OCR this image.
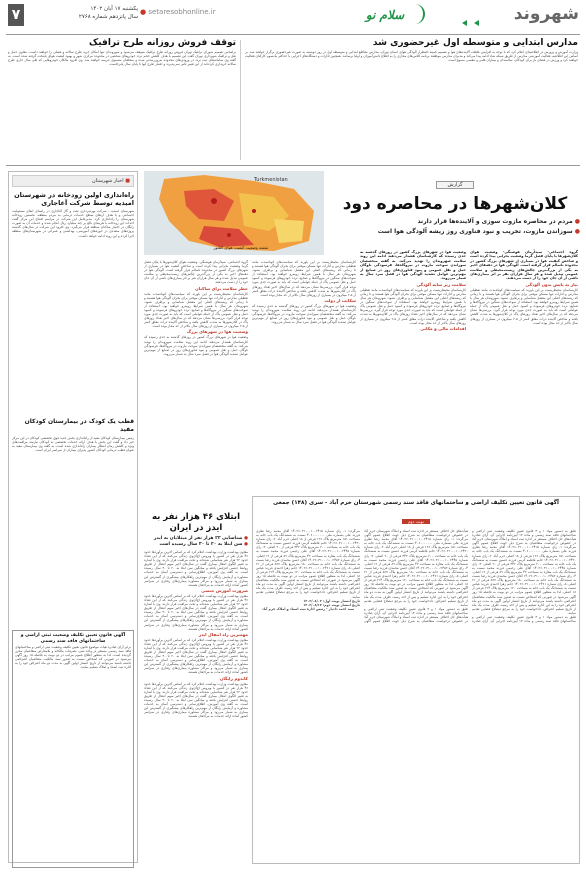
۷	یکشنبه ۱۷ آبان ۱۴۰۲
سال پانزدهم شماره ۲۷۶۸
● setaresobhonline.ir	سلام نو
	شهروند
توقف فروش روزانه طرح ترافیک
براساس تصمیم شورای ترافیک تهران فروش روزانه طرح ترافیک متوقف می‌شود و شهروندان تنها امکان خرید طرح سالانه و فصلی را خواهند داشت. معاون حمل و نقل و ترافیک شهرداری تهران گفت این تصمیم با هدف کاهش حجم تردد خودروهای شخصی در محدوده مرکزی شهر و بهبود کیفیت هوای پایتخت گرفته شده است. به گفته وی سامانه‌های ثبت تردد در ورودی‌های محدوده به‌روزرسانی شده و متخلفان مشمول جریمه خواهند شد. وی افزود مالکان خودروهایی که طی سال جاری طرح سالانه خریداری کرده‌اند از این تغییر تاثیر نمی‌پذیرند و اعتبار طرح آنها تا پایان سال پابرجاست.
مدارس ابتدایی و متوسطه اول غیرحضوری شد
وزارت آموزش و پرورش در اطلاعیه‌ای اعلام کرد که با توجه به افزایش غلظت آلاینده‌های هوا و تصمیم کمیته اضطرار آلودگی هوای استان تهران، مدارس مقاطع ابتدایی و متوسطه اول در روز دوشنبه به صورت غیرحضوری برگزار خواهند شد. بر اساس این اطلاعیه، فعالیت آموزشی مدارس از طریق شبکه شاد ادامه پیدا می‌کند و مدیران مدارس موظفند برنامه کلاس‌های مجازی را به اطلاع دانش‌آموزان و اولیا برسانند. همچنین ادارات و دستگاه‌های اجرایی با حداکثر یک‌سوم کارکنان فعالیت خواهند کرد و ورزش در فضای باز برای کودکان، سالمندان و بیماران قلبی و تنفسی ممنوع است.
■ اخبار شهرستان
راه‌اندازی اولین زودخانه در شهرستان امیدیه توسط شرکت آغاجاری
شهرستان امیدیه - شرکت بهره‌برداری نفت و گاز آغاجاری در راستای ایفای مسئولیت اجتماعی و با هدف ارتقای سطح خدمات درمانی به مردم منطقه، نخستین زودخانه شهرستان را راه‌اندازی کرد. مدیرعامل این شرکت در مراسم افتتاح این مرکز گفت احداث این زودخانه با هزینه‌ای بالغ بر چند میلیارد ریال انجام شده و خدمات آن به صورت رایگان در اختیار ساکنان منطقه قرار می‌گیرد. وی افزود این شرکت در سال‌های گذشته پروژه‌های متعددی در حوزه‌های آموزشی، بهداشتی و عمرانی در شهرستان‌های منطقه اجرا کرده و این روند ادامه خواهد داشت.
قطب‌ یک کودک در بیمارستان کودکان مفید
رئیس بیمارستان کودکان مفید از راه‌اندازی بخش جدید فوق تخصصی کودکان در این مرکز خبر داد و گفت این بخش با هدف ارائه خدمات تخصصی به کودکان نیازمند مراقبت‌های ویژه و کاهش زمان انتظار بیماران راه‌اندازی شده است. به گفته وی بیمارستان مفید به عنوان قطب درمانی کودکان کشور پذیرای بیماران از سراسر ایران است.
آگهی قانون تعیین تکلیف وضعیت ثبتی اراضی و ساختمانهای فاقد سند رسمی
برابر آرای صادره هیات موضوع قانون تعیین تکلیف وضعیت ثبتی اراضی و ساختمانهای فاقد سند رسمی مستقر در واحد ثبتی، تصرفات مالکانه و بلامعارض متقاضیان محرز گردیده است. لذا به منظور اطلاع عموم مراتب در دو نوبت به فاصله ۱۵ روز آگهی می‌شود در صورتی که اشخاص نسبت به صدور سند مالکیت متقاضیان اعتراضی داشته باشند می‌توانند از تاریخ انتشار اولین آگهی به مدت دو ماه اعتراض خود را به اداره ثبت اسناد و املاک تسلیم نمایند.
گزارش
کلان‌شهرها در محاصره دود
● مردم در محاصره مازوت سوزی و آلاینده‌ها قرار دارند
● سوزاندن مازوت، تخریب و نبود فناوری روز ریشه آلودگی هوا است
Turkmenistan
نقشه وضعیت کیفیت هوای کشور
گروه اجتماعی- سیدآرمان هوشنگی- وضعیت هوای کلان‌شهرها با پایان فصل گرما وضعیت بحرانی پیدا کرده است و شاخص کیفیت هوا در بسیاری از شهرهای بزرگ کشور در محدوده ناسالم قرار گرفته است. آلودگی هوا در دهه‌های اخیر به یکی از بزرگ‌ترین چالش‌های زیست‌محیطی و سلامت عمومی تبدیل شده و هر سال هزاران نفر بر اثر بیماری‌های ناشی از آن جان خود را از دست می‌دهند.
نیاز به پایش بدون آلودگی
کارشناسان محیط‌زیست بر این باورند که سیاست‌های کوتاه‌مدت مانند تعطیلی مدارس و ادارات تنها مسکن موقتی برای بحران آلودگی هوا هستند و تا زمانی که ریشه‌های اصلی این معضل شناسایی و برطرف نشود، شهروندان هر سال با همین شرایط روبه‌رو خواهند بود. استفاده از سوخت‌های سنگین در نیروگاه‌ها و صنایع، تردد خودروهای فرسوده و کمبود حمل و نقل عمومی پاک از جمله عواملی است که باید به صورت جدی مورد توجه قرار گیرد. بررسی‌ها نشان می‌دهد که در سال‌های اخیر تعداد روزهای پاک در کلان‌شهرها به شدت کاهش یافته و شاخص آلاینده ذرات معلق کمتر از ۲.۵ میکرون در بسیاری از روزهای سال بالاتر از حد مجاز بوده است.
وضعیت هوا در شهرهای بزرگ کشور در روزهای گذشته به حدی رسیده که کارشناسان هشدار می‌دهند ادامه این روند سلامت شهروندان را تهدید می‌کند. به گفته متخصصان سوزاندن سوخت مازوت در نیروگاه‌ها، فرسودگی ناوگان حمل و نقل عمومی و نبود فناوری‌های روز در صنایع از مهم‌ترین عوامل تشدید آلودگی هوا در فصل سرد سال به شمار می‌روند.
سلامت زیر سایه آلودگی
کارشناسان محیط‌زیست بر این باورند که سیاست‌های کوتاه‌مدت مانند تعطیلی مدارس و ادارات تنها مسکن موقتی برای بحران آلودگی هوا هستند و تا زمانی که ریشه‌های اصلی این معضل شناسایی و برطرف نشود، شهروندان هر سال با همین شرایط روبه‌رو خواهند بود. استفاده از سوخت‌های سنگین در نیروگاه‌ها و صنایع، تردد خودروهای فرسوده و کمبود حمل و نقل عمومی پاک از جمله عواملی است که باید به صورت جدی مورد توجه قرار گیرد. بررسی‌ها نشان می‌دهد که در سال‌های اخیر تعداد روزهای پاک در کلان‌شهرها به شدت کاهش یافته و شاخص آلاینده ذرات معلق کمتر از ۲.۵ میکرون در بسیاری از روزهای سال بالاتر از حد مجاز بوده است.
اقدامات مالی و مکانی
کارشناسان محیط‌زیست بر این باورند که سیاست‌های کوتاه‌مدت مانند تعطیلی مدارس و ادارات تنها مسکن موقتی برای بحران آلودگی هوا هستند و تا زمانی که ریشه‌های اصلی این معضل شناسایی و برطرف نشود، شهروندان هر سال با همین شرایط روبه‌رو خواهند بود. استفاده از سوخت‌های سنگین در نیروگاه‌ها و صنایع، تردد خودروهای فرسوده و کمبود حمل و نقل عمومی پاک از جمله عواملی است که باید به صورت جدی مورد توجه قرار گیرد. بررسی‌ها نشان می‌دهد که در سال‌های اخیر تعداد روزهای پاک در کلان‌شهرها به شدت کاهش یافته و شاخص آلاینده ذرات معلق کمتر از ۲.۵ میکرون در بسیاری از روزهای سال بالاتر از حد مجاز بوده است.
شکایت از دولت
وضعیت هوا در شهرهای بزرگ کشور در روزهای گذشته به حدی رسیده که کارشناسان هشدار می‌دهند ادامه این روند سلامت شهروندان را تهدید می‌کند. به گفته متخصصان سوزاندن سوخت مازوت در نیروگاه‌ها، فرسودگی ناوگان حمل و نقل عمومی و نبود فناوری‌های روز در صنایع از مهم‌ترین عوامل تشدید آلودگی هوا در فصل سرد سال به شمار می‌روند.
گروه اجتماعی- سیدآرمان هوشنگی- وضعیت هوای کلان‌شهرها با پایان فصل گرما وضعیت بحرانی پیدا کرده است و شاخص کیفیت هوا در بسیاری از شهرهای بزرگ کشور در محدوده ناسالم قرار گرفته است. آلودگی هوا در دهه‌های اخیر به یکی از بزرگ‌ترین چالش‌های زیست‌محیطی و سلامت عمومی تبدیل شده و هر سال هزاران نفر بر اثر بیماری‌های ناشی از آن جان خود را از دست می‌دهند.
خطر سلامت برای ساکنان
کارشناسان محیط‌زیست بر این باورند که سیاست‌های کوتاه‌مدت مانند تعطیلی مدارس و ادارات تنها مسکن موقتی برای بحران آلودگی هوا هستند و تا زمانی که ریشه‌های اصلی این معضل شناسایی و برطرف نشود، شهروندان هر سال با همین شرایط روبه‌رو خواهند بود. استفاده از سوخت‌های سنگین در نیروگاه‌ها و صنایع، تردد خودروهای فرسوده و کمبود حمل و نقل عمومی پاک از جمله عواملی است که باید به صورت جدی مورد توجه قرار گیرد. بررسی‌ها نشان می‌دهد که در سال‌های اخیر تعداد روزهای پاک در کلان‌شهرها به شدت کاهش یافته و شاخص آلاینده ذرات معلق کمتر از ۲.۵ میکرون در بسیاری از روزهای سال بالاتر از حد مجاز بوده است.
وضعیت هوا در شهرهای بزرگ
وضعیت هوا در شهرهای بزرگ کشور در روزهای گذشته به حدی رسیده که کارشناسان هشدار می‌دهند ادامه این روند سلامت شهروندان را تهدید می‌کند. به گفته متخصصان سوزاندن سوخت مازوت در نیروگاه‌ها، فرسودگی ناوگان حمل و نقل عمومی و نبود فناوری‌های روز در صنایع از مهم‌ترین عوامل تشدید آلودگی هوا در فصل سرد سال به شمار می‌روند.
ابتلای ۴۶ هزار نفر به ایدز در ایران
● شناسایی ۲۲ هزار نفر از مبتلایان به ایدز
● سن ابتلا به ۲۰ تا ۳۰ سال رسیده است
معاون بهداشت وزارت بهداشت اعلام کرد که بر اساس آخرین برآوردها حدود ۴۶ هزار نفر در کشور با ویروس اچ‌آی‌وی زندگی می‌کنند که از این تعداد حدود ۲۲ هزار نفر شناسایی شده‌اند و تحت مراقبت قرار دارند. وی با اشاره به تغییر الگوی انتقال بیماری گفت در سال‌های اخیر سهم انتقال از طریق روابط جنسی افزایش یافته و میانگین سن ابتلا به ۲۰ تا ۳۰ سال رسیده است. به گفته وی آموزش، اطلاع‌رسانی و دسترسی آسان به خدمات مشاوره و آزمایش رایگان از مهم‌ترین راهکارهای پیشگیری از گسترش این بیماری به شمار می‌رود و مراکز مشاوره بیماری‌های رفتاری در سراسر کشور آماده ارائه خدمات به مراجعان هستند.
ضرورت آموزش جنسی
معاون بهداشت وزارت بهداشت اعلام کرد که بر اساس آخرین برآوردها حدود ۴۶ هزار نفر در کشور با ویروس اچ‌آی‌وی زندگی می‌کنند که از این تعداد حدود ۲۲ هزار نفر شناسایی شده‌اند و تحت مراقبت قرار دارند. وی با اشاره به تغییر الگوی انتقال بیماری گفت در سال‌های اخیر سهم انتقال از طریق روابط جنسی افزایش یافته و میانگین سن ابتلا به ۲۰ تا ۳۰ سال رسیده است. به گفته وی آموزش، اطلاع‌رسانی و دسترسی آسان به خدمات مشاوره و آزمایش رایگان از مهم‌ترین راهکارهای پیشگیری از گسترش این بیماری به شمار می‌رود و مراکز مشاوره بیماری‌های رفتاری در سراسر کشور آماده ارائه خدمات به مراجعان هستند.
مهمترین راه انتقال ایدز
معاون بهداشت وزارت بهداشت اعلام کرد که بر اساس آخرین برآوردها حدود ۴۶ هزار نفر در کشور با ویروس اچ‌آی‌وی زندگی می‌کنند که از این تعداد حدود ۲۲ هزار نفر شناسایی شده‌اند و تحت مراقبت قرار دارند. وی با اشاره به تغییر الگوی انتقال بیماری گفت در سال‌های اخیر سهم انتقال از طریق روابط جنسی افزایش یافته و میانگین سن ابتلا به ۲۰ تا ۳۰ سال رسیده است. به گفته وی آموزش، اطلاع‌رسانی و دسترسی آسان به خدمات مشاوره و آزمایش رایگان از مهم‌ترین راهکارهای پیشگیری از گسترش این بیماری به شمار می‌رود و مراکز مشاوره بیماری‌های رفتاری در سراسر کشور آماده ارائه خدمات به مراجعان هستند.
کاندوم رایگان
معاون بهداشت وزارت بهداشت اعلام کرد که بر اساس آخرین برآوردها حدود ۴۶ هزار نفر در کشور با ویروس اچ‌آی‌وی زندگی می‌کنند که از این تعداد حدود ۲۲ هزار نفر شناسایی شده‌اند و تحت مراقبت قرار دارند. وی با اشاره به تغییر الگوی انتقال بیماری گفت در سال‌های اخیر سهم انتقال از طریق روابط جنسی افزایش یافته و میانگین سن ابتلا به ۲۰ تا ۳۰ سال رسیده است. به گفته وی آموزش، اطلاع‌رسانی و دسترسی آسان به خدمات مشاوره و آزمایش رایگان از مهم‌ترین راهکارهای پیشگیری از گسترش این بیماری به شمار می‌رود و مراکز مشاوره بیماری‌های رفتاری در سراسر کشور آماده ارائه خدمات به مراجعان هستند.
آگهی قانون تعیین تکلیف اراضی و ساختمانهای فاقد سند رسمی شهرستان خرم آباد - سری (۱۴۸) جمعی
نوبت دوم
طبق به دستور مواد ۱ و ۳ قانون تعیین تکلیف وضعیت ثبتی اراضی و ساختمانهای فاقد سند رسمی و ماده ۱۳ آیین‌نامه اجرایی آن، آرای صادره هیأت‌های حل اختلاف مستقر در اداره ثبت اسناد و املاک شهرستان خرم آباد در خصوص درخواست متقاضیان به شرح ذیل جهت اطلاع عموم آگهی می‌گردد: ۱- رای شماره ۱۴۰۲۶۰۳۱۰۰۰۱۰۰۲۴۱۵ آقای محمد رضا نظری فرزند علی بشماره ملی ۴۰۶۰۰۰۰۰۰۰ نسبت به ششدانگ یک باب خانه به مساحت ۱۵۱ مترمربع پلاک ۱۲۶ فرعی از ۱۸ اصلی خرم آباد. ۲- رای شماره ۱۴۰۲۶۰۳۱۰۰۰۱۰۰۲۴۳۰ خانم فاطمه کرمی فرزند حسین نسبت به ششدانگ یک باب خانه به مساحت ۲۰۰ مترمربع پلاک ۳۴۲ فرعی از ۲۰ اصلی. ۳- رای شماره ۱۴۰۲۶۰۳۱۰۰۰۱۰۰۲۴۴۵ آقای علی رحیمی فرزند محمد نسبت به ششدانگ یک باب مغازه به مساحت ۴۲ مترمربع پلاک ۸۹ فرعی از ۱۹ اصلی. ۴- رای شماره ۱۴۰۲۶۰۳۱۰۰۰۱۰۰۲۴۵۲ آقای حسن محمدی فرزند رضا نسبت به ششدانگ یک باب خانه به مساحت ۱۸۰ مترمربع پلاک ۵۶۷ فرعی از ۲۱ اصلی. ۵- رای شماره ۱۴۰۲۶۰۳۱۰۰۰۱۰۰۲۴۶۱ خانم زهرا احمدی فرزند عباس نسبت به ششدانگ یک باب خانه به مساحت ۱۲۰ مترمربع پلاک ۲۱۴ فرعی از ۱۸ اصلی. لذا به منظور اطلاع عموم مراتب در دو نوبت به فاصله ۱۵ روز آگهی می‌شود در صورتی که اشخاص نسبت به صدور سند مالکیت متقاضیان اعتراضی داشته باشند می‌توانند از تاریخ انتشار اولین آگهی به مدت دو ماه اعتراض خود را به این اداره تسلیم و پس از اخذ رسید، ظرف مدت یک ماه از تاریخ تسلیم اعتراض، دادخواست خود را به مرجع ذیصلاح قضایی تقدیم نمایند.
طبق به دستور مواد ۱ و ۳ قانون تعیین تکلیف وضعیت ثبتی اراضی و ساختمانهای فاقد سند رسمی و ماده ۱۳ آیین‌نامه اجرایی آن، آرای صادره هیأت‌های حل اختلاف مستقر در اداره ثبت اسناد و املاک شهرستان خرم آباد در خصوص درخواست متقاضیان به شرح ذیل جهت اطلاع عموم آگهی می‌گردد: ۱- رای شماره ۱۴۰۲۶۰۳۱۰۰۰۱۰۰۲۴۱۵ آقای محمد رضا نظری فرزند علی بشماره ملی ۴۰۶۰۰۰۰۰۰۰ نسبت به ششدانگ یک باب خانه به مساحت ۱۵۱ مترمربع پلاک ۱۲۶ فرعی از ۱۸ اصلی خرم آباد. ۲- رای شماره ۱۴۰۲۶۰۳۱۰۰۰۱۰۰۲۴۳۰ خانم فاطمه کرمی فرزند حسین نسبت به ششدانگ یک باب خانه به مساحت ۲۰۰ مترمربع پلاک ۳۴۲ فرعی از ۲۰ اصلی. ۳- رای شماره ۱۴۰۲۶۰۳۱۰۰۰۱۰۰۲۴۴۵ آقای علی رحیمی فرزند محمد نسبت به ششدانگ یک باب مغازه به مساحت ۴۲ مترمربع پلاک ۸۹ فرعی از ۱۹ اصلی. ۴- رای شماره ۱۴۰۲۶۰۳۱۰۰۰۱۰۰۲۴۵۲ آقای حسن محمدی فرزند رضا نسبت به ششدانگ یک باب خانه به مساحت ۱۸۰ مترمربع پلاک ۵۶۷ فرعی از ۲۱ اصلی. ۵- رای شماره ۱۴۰۲۶۰۳۱۰۰۰۱۰۰۲۴۶۱ خانم زهرا احمدی فرزند عباس نسبت به ششدانگ یک باب خانه به مساحت ۱۲۰ مترمربع پلاک ۲۱۴ فرعی از ۱۸ اصلی. لذا به منظور اطلاع عموم مراتب در دو نوبت به فاصله ۱۵ روز آگهی می‌شود در صورتی که اشخاص نسبت به صدور سند مالکیت متقاضیان اعتراضی داشته باشند می‌توانند از تاریخ انتشار اولین آگهی به مدت دو ماه اعتراض خود را به این اداره تسلیم و پس از اخذ رسید، ظرف مدت یک ماه از تاریخ تسلیم اعتراض، دادخواست خود را به مرجع ذیصلاح قضایی تقدیم نمایند.
طبق به دستور مواد ۱ و ۳ قانون تعیین تکلیف وضعیت ثبتی اراضی و ساختمانهای فاقد سند رسمی و ماده ۱۳ آیین‌نامه اجرایی آن، آرای صادره هیأت‌های حل اختلاف مستقر در اداره ثبت اسناد و املاک شهرستان خرم آباد در خصوص درخواست متقاضیان به شرح ذیل جهت اطلاع عموم آگهی می‌گردد: ۱- رای شماره ۱۴۰۲۶۰۳۱۰۰۰۱۰۰۲۴۱۵ آقای محمد رضا نظری فرزند علی بشماره ملی ۴۰۶۰۰۰۰۰۰۰ نسبت به ششدانگ یک باب خانه به مساحت ۱۵۱ مترمربع پلاک ۱۲۶ فرعی از ۱۸ اصلی خرم آباد. ۲- رای شماره ۱۴۰۲۶۰۳۱۰۰۰۱۰۰۲۴۳۰ خانم فاطمه کرمی فرزند حسین نسبت به ششدانگ یک باب خانه به مساحت ۲۰۰ مترمربع پلاک ۳۴۲ فرعی از ۲۰ اصلی. ۳- رای شماره ۱۴۰۲۶۰۳۱۰۰۰۱۰۰۲۴۴۵ آقای علی رحیمی فرزند محمد نسبت به ششدانگ یک باب مغازه به مساحت ۴۲ مترمربع پلاک ۸۹ فرعی از ۱۹ اصلی. ۴- رای شماره ۱۴۰۲۶۰۳۱۰۰۰۱۰۰۲۴۵۲ آقای حسن محمدی فرزند رضا نسبت به ششدانگ یک باب خانه به مساحت ۱۸۰ مترمربع پلاک ۵۶۷ فرعی از ۲۱ اصلی. ۵- رای شماره ۱۴۰۲۶۰۳۱۰۰۰۱۰۰۲۴۶۱ خانم زهرا احمدی فرزند عباس نسبت به ششدانگ یک باب خانه به مساحت ۱۲۰ مترمربع پلاک ۲۱۴ فرعی از ۱۸ اصلی. لذا به منظور اطلاع عموم مراتب در دو نوبت به فاصله ۱۵ روز آگهی می‌شود در صورتی که اشخاص نسبت به صدور سند مالکیت متقاضیان اعتراضی داشته باشند می‌توانند از تاریخ انتشار اولین آگهی به مدت دو ماه اعتراض خود را به این اداره تسلیم و پس از اخذ رسید، ظرف مدت یک ماه از تاریخ تسلیم اعتراض، دادخواست خود را به مرجع ذیصلاح قضایی تقدیم نمایند.
تاریخ انتشار نوبت اول: ۱۴۰۲/۰۸/۰۲
تاریخ انتشار نوبت دوم: ۱۴۰۲/۰۸/۱۷
سید احمد دادیار - رئیس اداره ثبت اسناد و املاک خرم آباد
